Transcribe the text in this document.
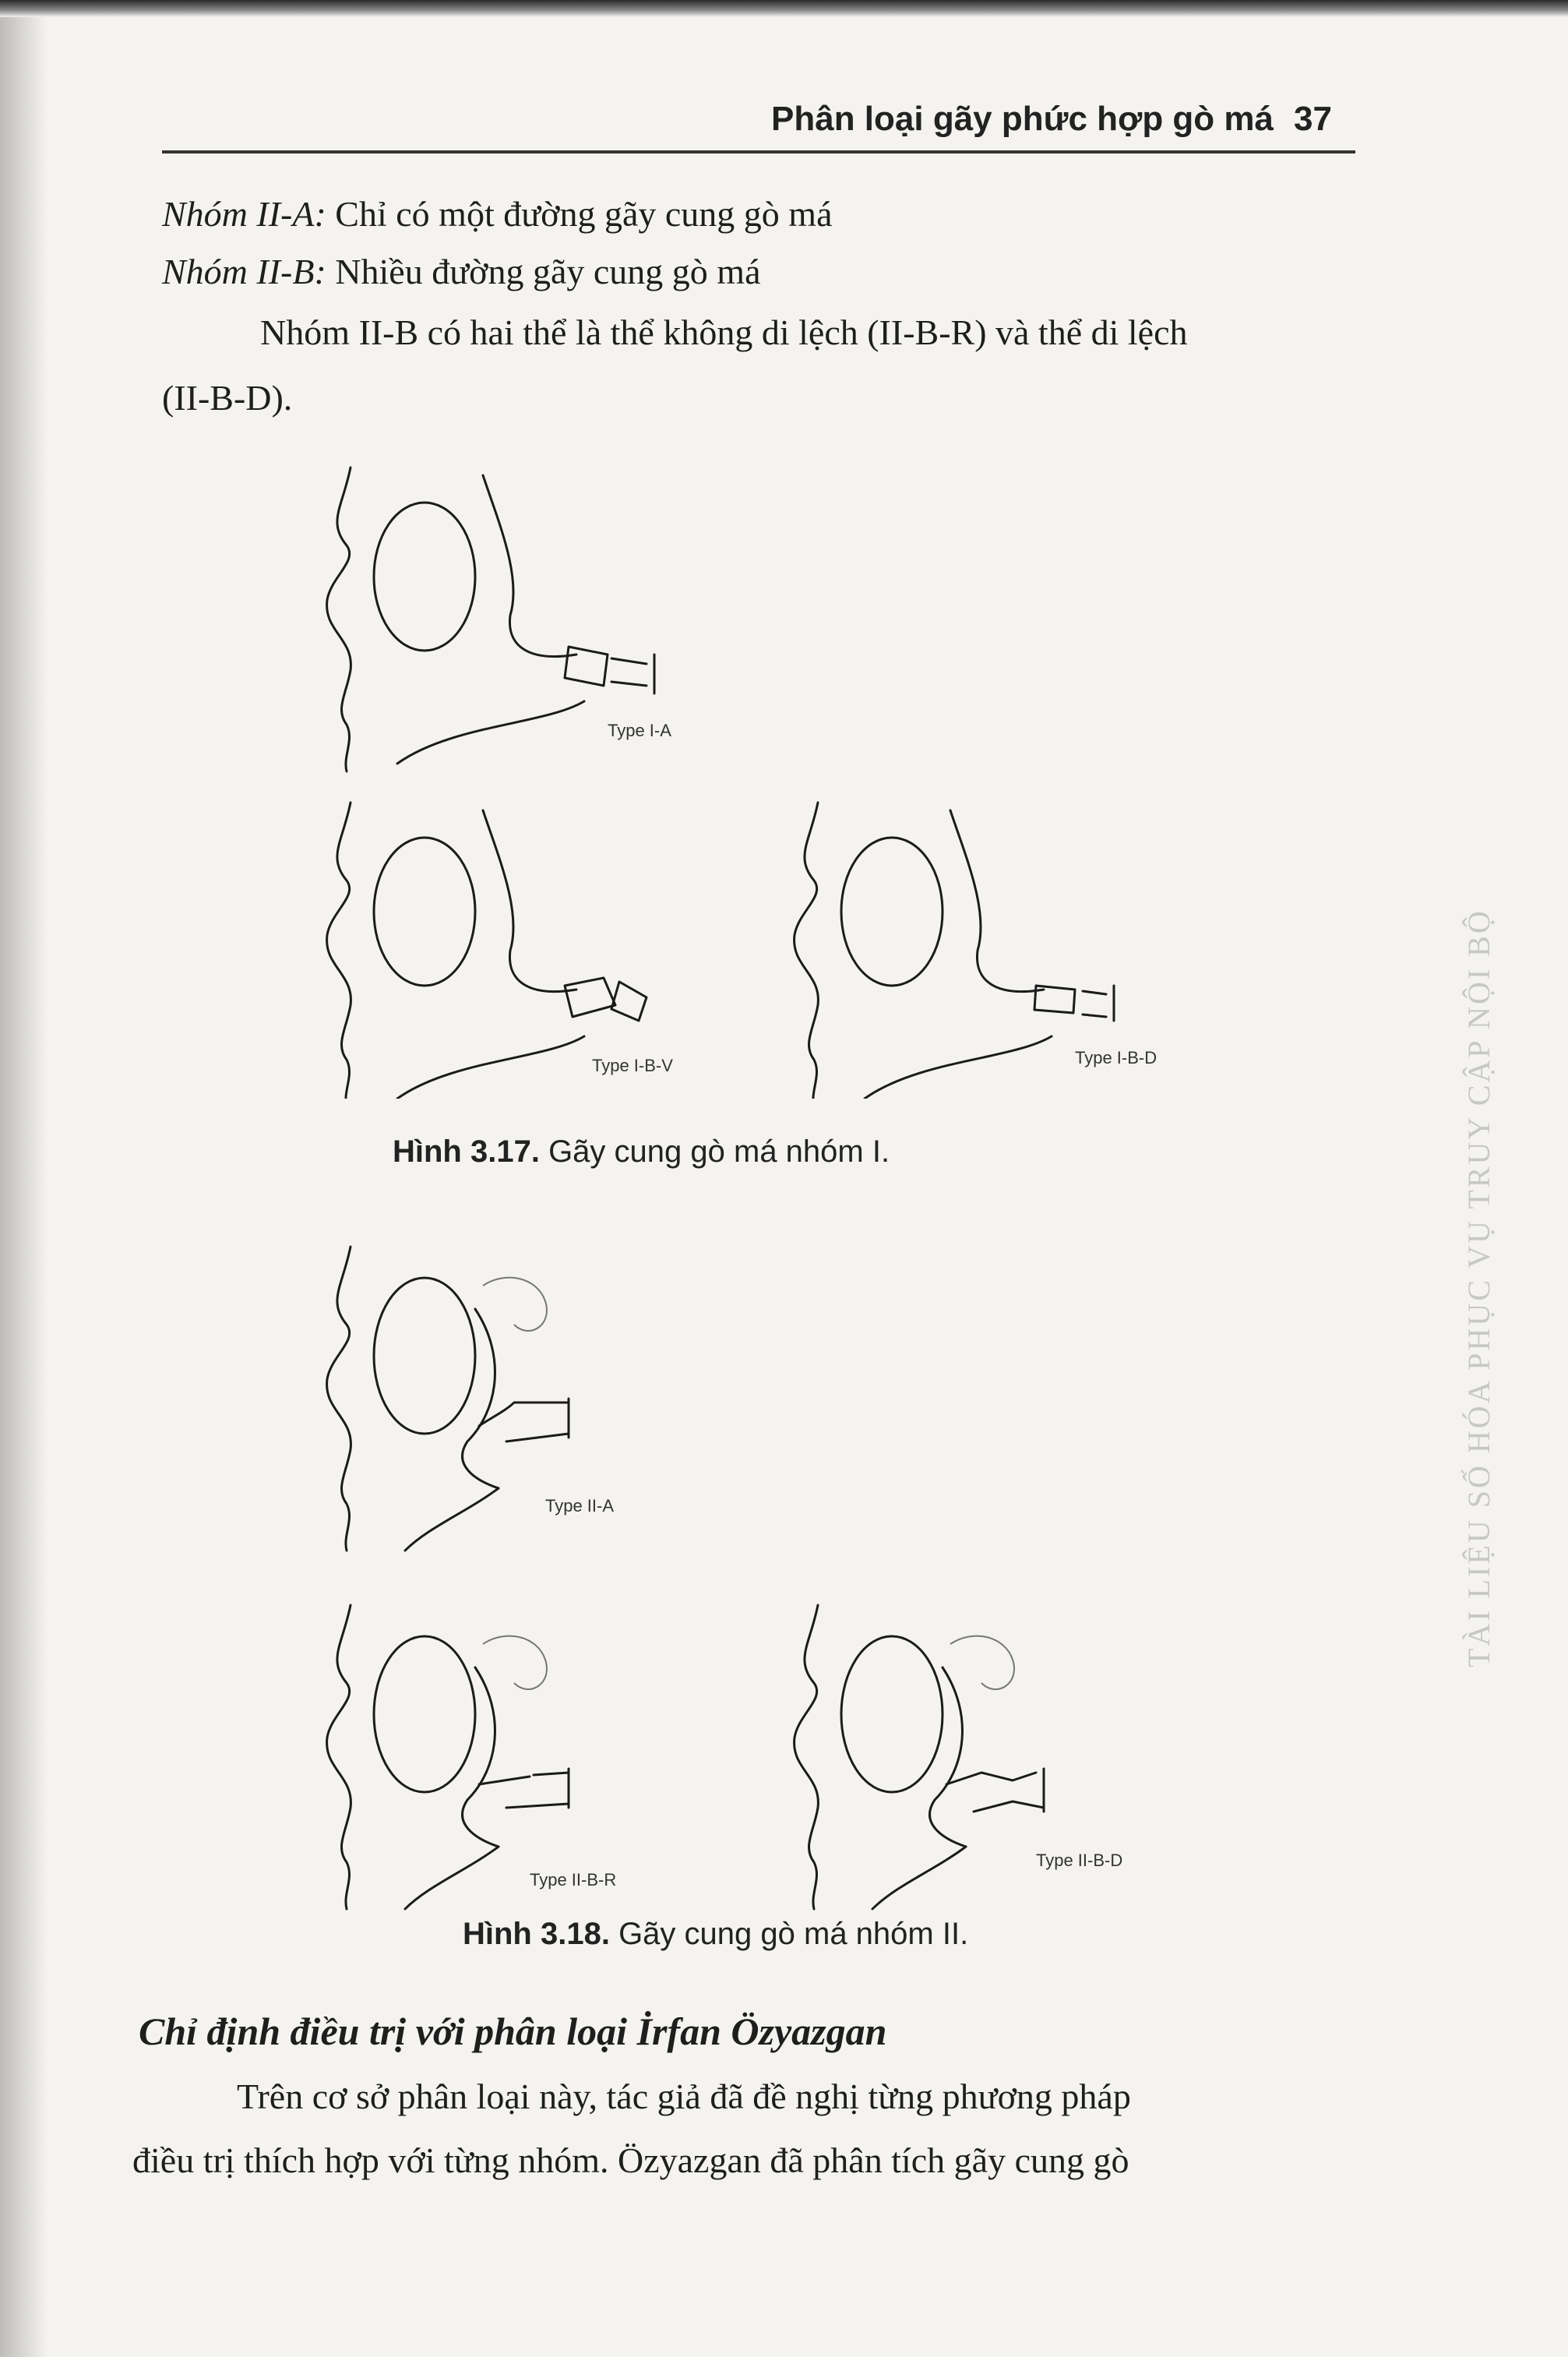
Phân loại gãy phức hợp gò má 37
Nhóm II-A: Chỉ có một đường gãy cung gò má
Nhóm II-B: Nhiều đường gãy cung gò má
Nhóm II-B có hai thể là thể không di lệch (II-B-R) và thể di lệch
(II-B-D).
Type I-A
Type I-B-V	Type I-B-D
Hình 3.17. Gãy cung gò má nhóm I.
Type II-A
Type II-B-R
Type II-B-D
Hình 3.18. Gãy cung gò má nhóm II.
Chỉ định điều trị với phân loại İrfan Özyazgan
Trên cơ sở phân loại này, tác giả đã đề nghị từng phương pháp
điều trị thích hợp với từng nhóm. Özyazgan đã phân tích gãy cung gò
TÀI LIỆU SỐ HÓA PHỤC VỤ TRUY CẬP NỘI BỘ
